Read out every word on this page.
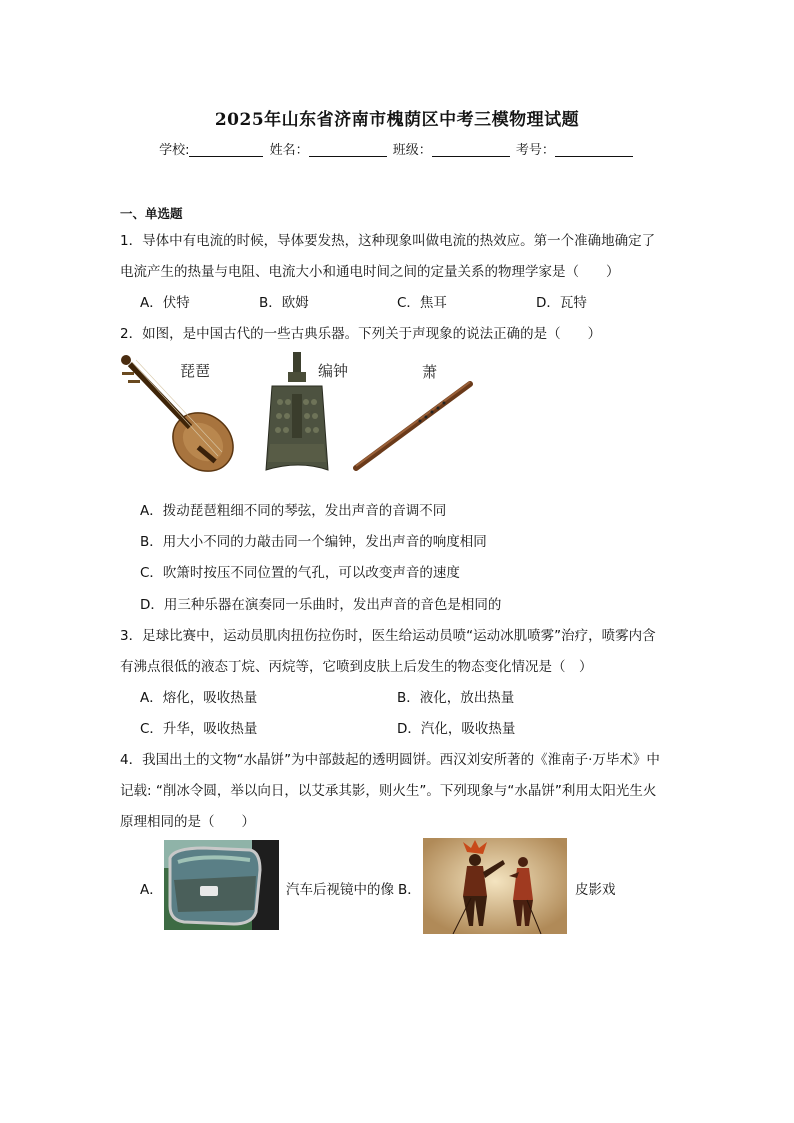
2025年山东省济南市槐荫区中考三模物理试题
学校:	姓名：	班级：	考号：
一、单选题
1．导体中有电流的时候，导体要发热，这种现象叫做电流的热效应。第一个准确地确定了
电流产生的热量与电阻、电流大小和通电时间之间的定量关系的物理学家是（　　）
A．伏特	B．欧姆	C．焦耳	D．瓦特
2．如图，是中国古代的一些古典乐器。下列关于声现象的说法正确的是（　　）
琵琶	编钟	萧
A．拨动琵琶粗细不同的琴弦，发出声音的音调不同
B．用大小不同的力敲击同一个编钟，发出声音的响度相同
C．吹箫时按压不同位置的气孔，可以改变声音的速度
D．用三种乐器在演奏同一乐曲时，发出声音的音色是相同的
3．足球比赛中，运动员肌肉扭伤拉伤时，医生给运动员喷“运动冰肌喷雾”治疗，喷雾内含
有沸点很低的液态丁烷、丙烷等，它喷到皮肤上后发生的物态变化情况是（　）
A．熔化，吸收热量	B．液化，放出热量
C．升华，吸收热量	D．汽化，吸收热量
4．我国出土的文物“水晶饼”为中部鼓起的透明圆饼。西汉刘安所著的《淮南子·万毕术》中
记载: “削冰令圆，举以向日，以艾承其影，则火生”。下列现象与“水晶饼”利用太阳光生火
原理相同的是（　　）
A．	汽车后视镜中的像 B．	皮影戏
